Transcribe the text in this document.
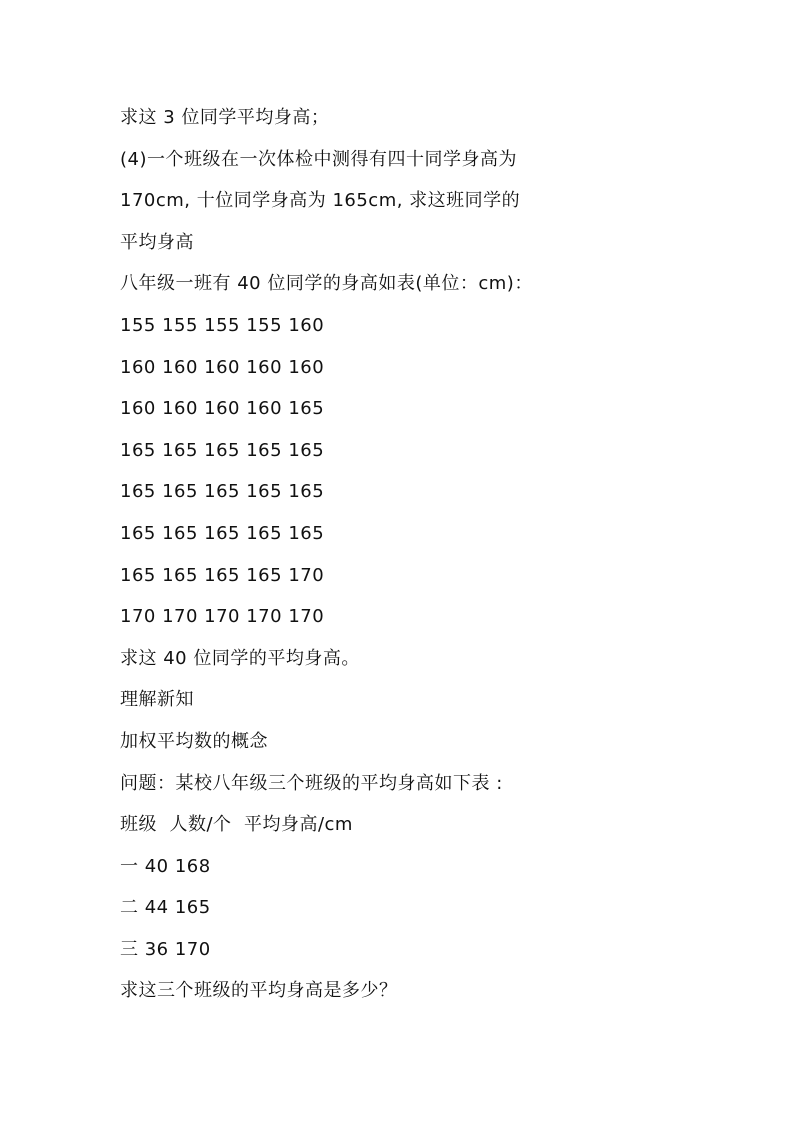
求这 3 位同学平均身高；
(4)一个班级在一次体检中测得有四十同学身高为
170cm, 十位同学身高为 165cm, 求这班同学的
平均身高
八年级一班有 40 位同学的身高如表(单位：cm)：
155 155 155 155 160
160 160 160 160 160
160 160 160 160 165
165 165 165 165 165
165 165 165 165 165
165 165 165 165 165
165 165 165 165 170
170 170 170 170 170
求这 40 位同学的平均身高。
理解新知
加权平均数的概念
问题：某校八年级三个班级的平均身高如下表 :
班级  人数/个  平均身高/cm
一 40 168
二 44 165
三 36 170
求这三个班级的平均身高是多少？
